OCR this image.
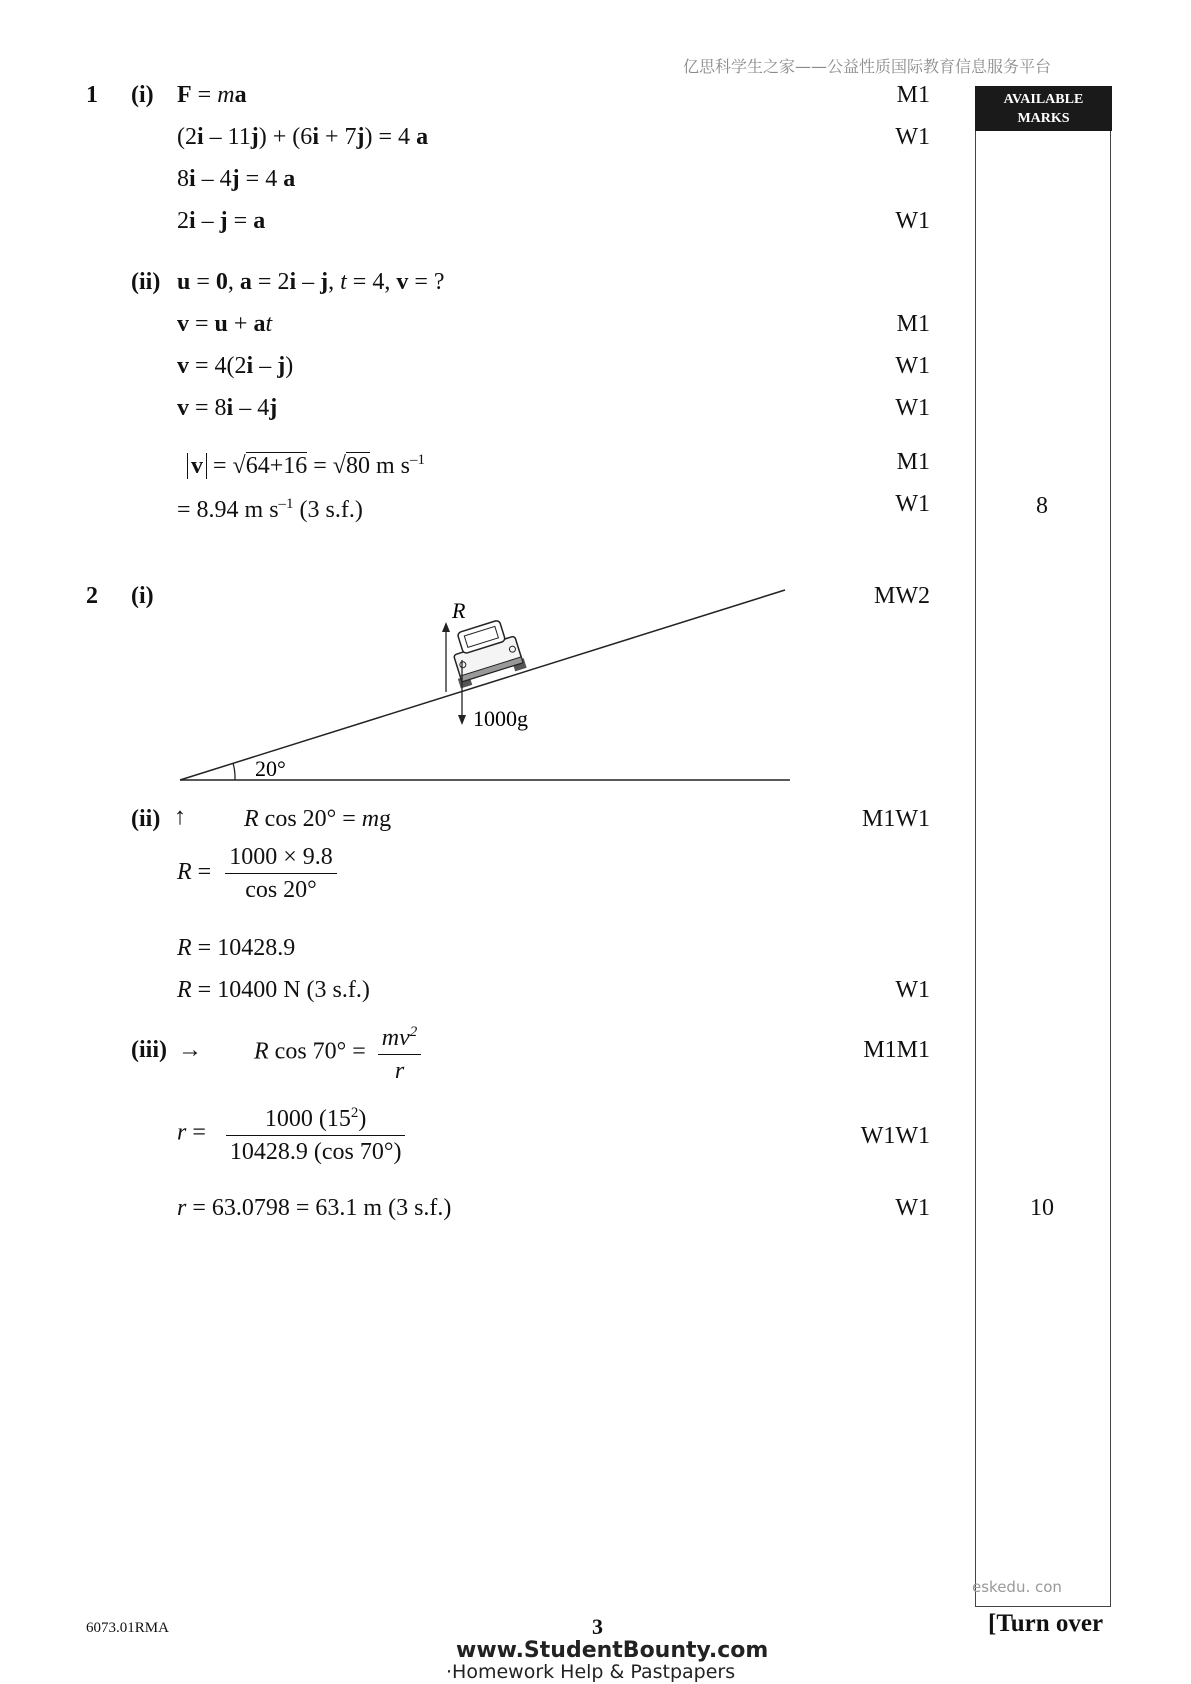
亿思科学生之家——公益性质国际教育信息服务平台
AVAILABLE
MARKS
1 (i) F = ma	M1
(2i – 11j) + (6i + 7j) = 4 a	W1
8i – 4j = 4 a
2i – j = a	W1
(ii) u = 0, a = 2i – j, t = 4, v = ?
v = u + at	M1
v = 4(2i – j)	W1
v = 8i – 4j	W1
v = √64+16 = √80 m $s^{-1}$	M1
= 8.94 m $s^{-1}$ (3 s.f.)	W1	8
2 (i)	MW2
R
1000g
20°
(ii) ↑ R cos 20° = mg	M1W1
$R = \frac{1000 \times 9.8}{\cos 20^\circ}$
R = 10428.9
R = 10400 N (3 s.f.)	W1
(iii) → R $\cos 70^\circ = \frac{mv^2}{r}$	M1M1
$r = \frac{1000 (15^2)}{10428.9 (\cos 70^\circ)}$	W1W1
r = 63.0798 = 63.1 m (3 s.f.)	W1	10
eskedu. con
6073.01RMA	3	[Turn over
www.StudentBounty.com
·Homework Help & Pastpapers
